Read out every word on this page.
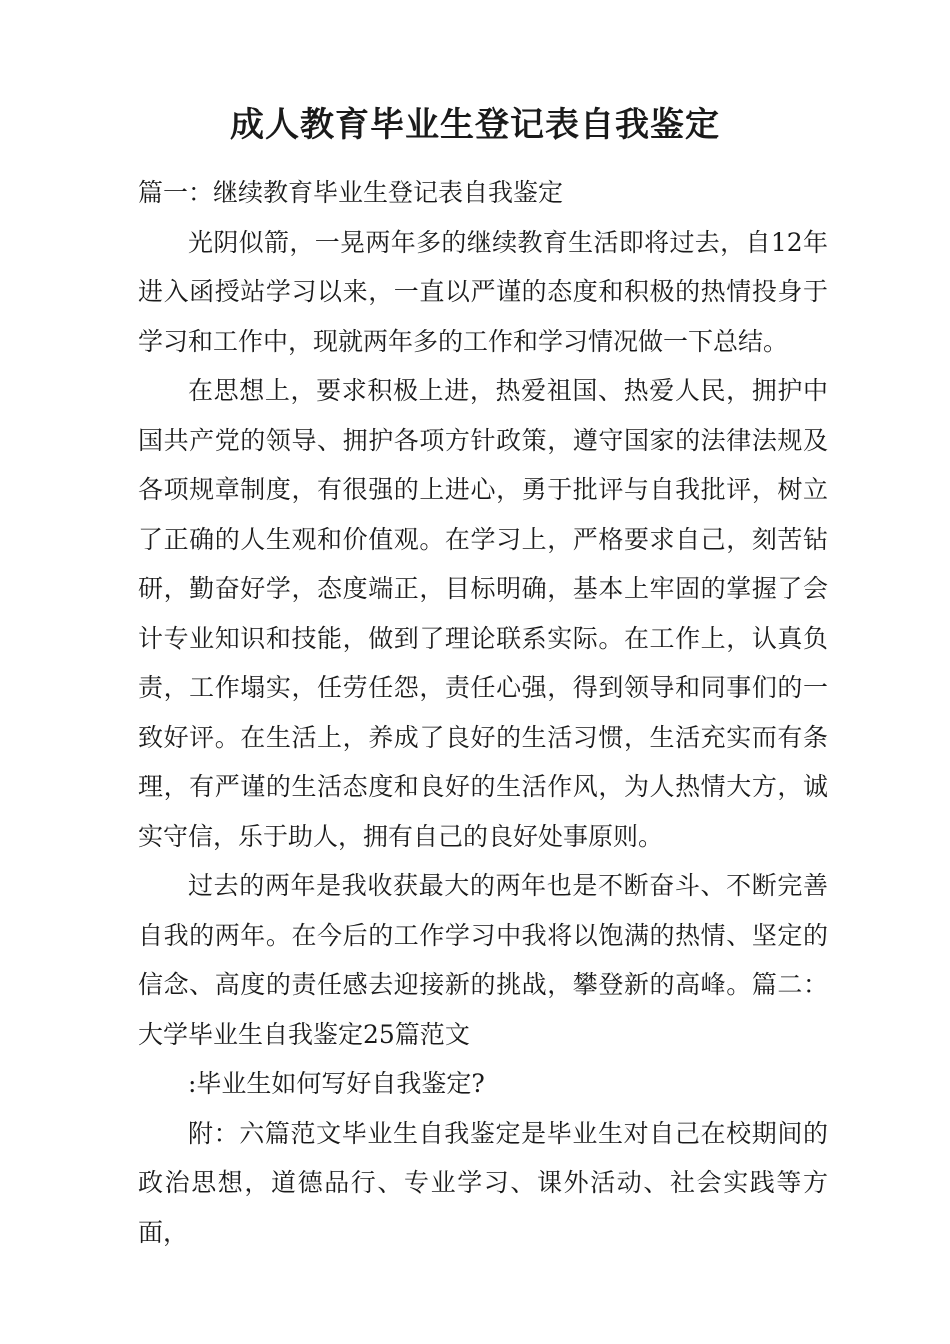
成人教育毕业生登记表自我鉴定

篇一：继续教育毕业生登记表自我鉴定

光阴似箭，一晃两年多的继续教育生活即将过去，自12年进入函授站学习以来，一直以严谨的态度和积极的热情投身于学习和工作中，现就两年多的工作和学习情况做一下总结。

在思想上，要求积极上进，热爱祖国、热爱人民，拥护中国共产党的领导、拥护各项方针政策，遵守国家的法律法规及各项规章制度，有很强的上进心，勇于批评与自我批评，树立了正确的人生观和价值观。在学习上，严格要求自己，刻苦钻研，勤奋好学，态度端正，目标明确，基本上牢固的掌握了会计专业知识和技能，做到了理论联系实际。在工作上，认真负责，工作塌实，任劳任怨，责任心强，得到领导和同事们的一致好评。在生活上，养成了良好的生活习惯，生活充实而有条理，有严谨的生活态度和良好的生活作风，为人热情大方，诚实守信，乐于助人，拥有自己的良好处事原则。

过去的两年是我收获最大的两年也是不断奋斗、不断完善自我的两年。在今后的工作学习中我将以饱满的热情、坚定的信念、高度的责任感去迎接新的挑战，攀登新的高峰。篇二：大学毕业生自我鉴定25篇范文

:毕业生如何写好自我鉴定?

附：六篇范文毕业生自我鉴定是毕业生对自己在校期间的政治思想，道德品行、专业学习、课外活动、社会实践等方面，
